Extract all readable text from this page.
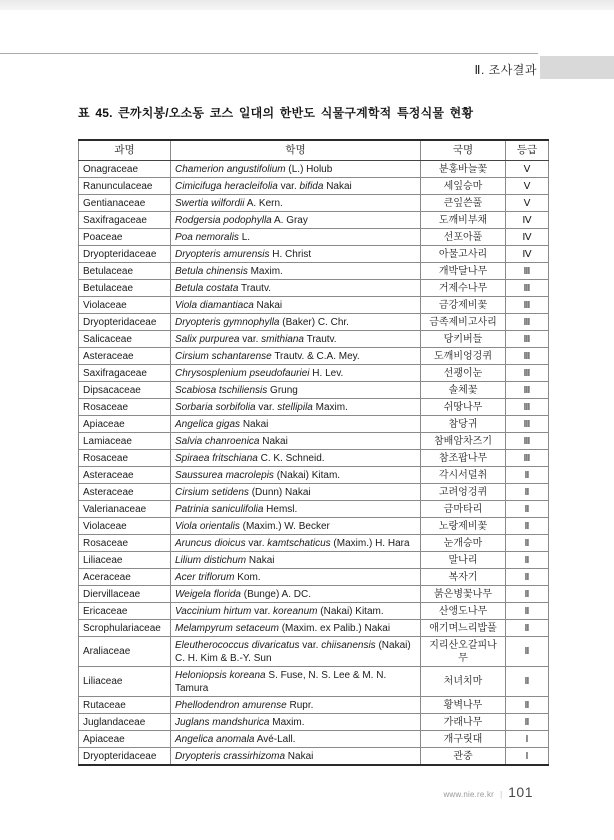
Ⅱ. 조사결과
표 45. 큰까치봉/오소동 코스 일대의 한반도 식물구계학적 특정식물 현황
과명	학명	국명	등급
Onagraceae	Chamerion angustifolium (L.) Holub	분홍바늘꽃	Ⅴ
Ranunculaceae	Cimicifuga heracleifolia var. bifida Nakai	세잎승마	Ⅴ
Gentianaceae	Swertia wilfordii A. Kern.	큰잎쓴풀	Ⅴ
Saxifragaceae	Rodgersia podophylla A. Gray	도깨비부채	Ⅳ
Poaceae	Poa nemoralis L.	선포아풀	Ⅳ
Dryopteridaceae	Dryopteris amurensis H. Christ	아물고사리	Ⅳ
Betulaceae	Betula chinensis Maxim.	개박달나무	Ⅲ
Betulaceae	Betula costata Trautv.	거제수나무	Ⅲ
Violaceae	Viola diamantiaca Nakai	금강제비꽃	Ⅲ
Dryopteridaceae	Dryopteris gymnophylla (Baker) C. Chr.	금족제비고사리	Ⅲ
Salicaceae	Salix purpurea var. smithiana Trautv.	당키버들	Ⅲ
Asteraceae	Cirsium schantarense Trautv. & C.A. Mey.	도깨비엉겅퀴	Ⅲ
Saxifragaceae	Chrysosplenium pseudofauriei H. Lev.	선괭이눈	Ⅲ
Dipsacaceae	Scabiosa tschiliensis Grung	솔체꽃	Ⅲ
Rosaceae	Sorbaria sorbifolia var. stellipila Maxim.	쉬땅나무	Ⅲ
Apiaceae	Angelica gigas Nakai	참당귀	Ⅲ
Lamiaceae	Salvia chanroenica Nakai	참배암차즈기	Ⅲ
Rosaceae	Spiraea fritschiana C. K. Schneid.	참조팝나무	Ⅲ
Asteraceae	Saussurea macrolepis (Nakai) Kitam.	각시서덜취	Ⅱ
Asteraceae	Cirsium setidens (Dunn) Nakai	고려엉겅퀴	Ⅱ
Valerianaceae	Patrinia saniculifolia Hemsl.	금마타리	Ⅱ
Violaceae	Viola orientalis (Maxim.) W. Becker	노랑제비꽃	Ⅱ
Rosaceae	Aruncus dioicus var. kamtschaticus (Maxim.) H. Hara	눈개승마	Ⅱ
Liliaceae	Lilium distichum Nakai	말나리	Ⅱ
Aceraceae	Acer triflorum Kom.	복자기	Ⅱ
Diervillaceae	Weigela florida (Bunge) A. DC.	붉은병꽃나무	Ⅱ
Ericaceae	Vaccinium hirtum var. koreanum (Nakai) Kitam.	산앵도나무	Ⅱ
Scrophulariaceae	Melampyrum setaceum (Maxim. ex Palib.) Nakai	애기며느리밥풀	Ⅱ
Araliaceae	Eleutherococcus divaricatus var. chiisanensis (Nakai) C. H. Kim & B.-Y. Sun	지리산오갈피나무	Ⅱ
Liliaceae	Heloniopsis koreana S. Fuse, N. S. Lee & M. N. Tamura	처녀치마	Ⅱ
Rutaceae	Phellodendron amurense Rupr.	황벽나무	Ⅱ
Juglandaceae	Juglans mandshurica Maxim.	가래나무	Ⅱ
Apiaceae	Angelica anomala Avé-Lall.	개구릿대	Ⅰ
Dryopteridaceae	Dryopteris crassirhizoma Nakai	관중	Ⅰ
www.nie.re.kr | 101
